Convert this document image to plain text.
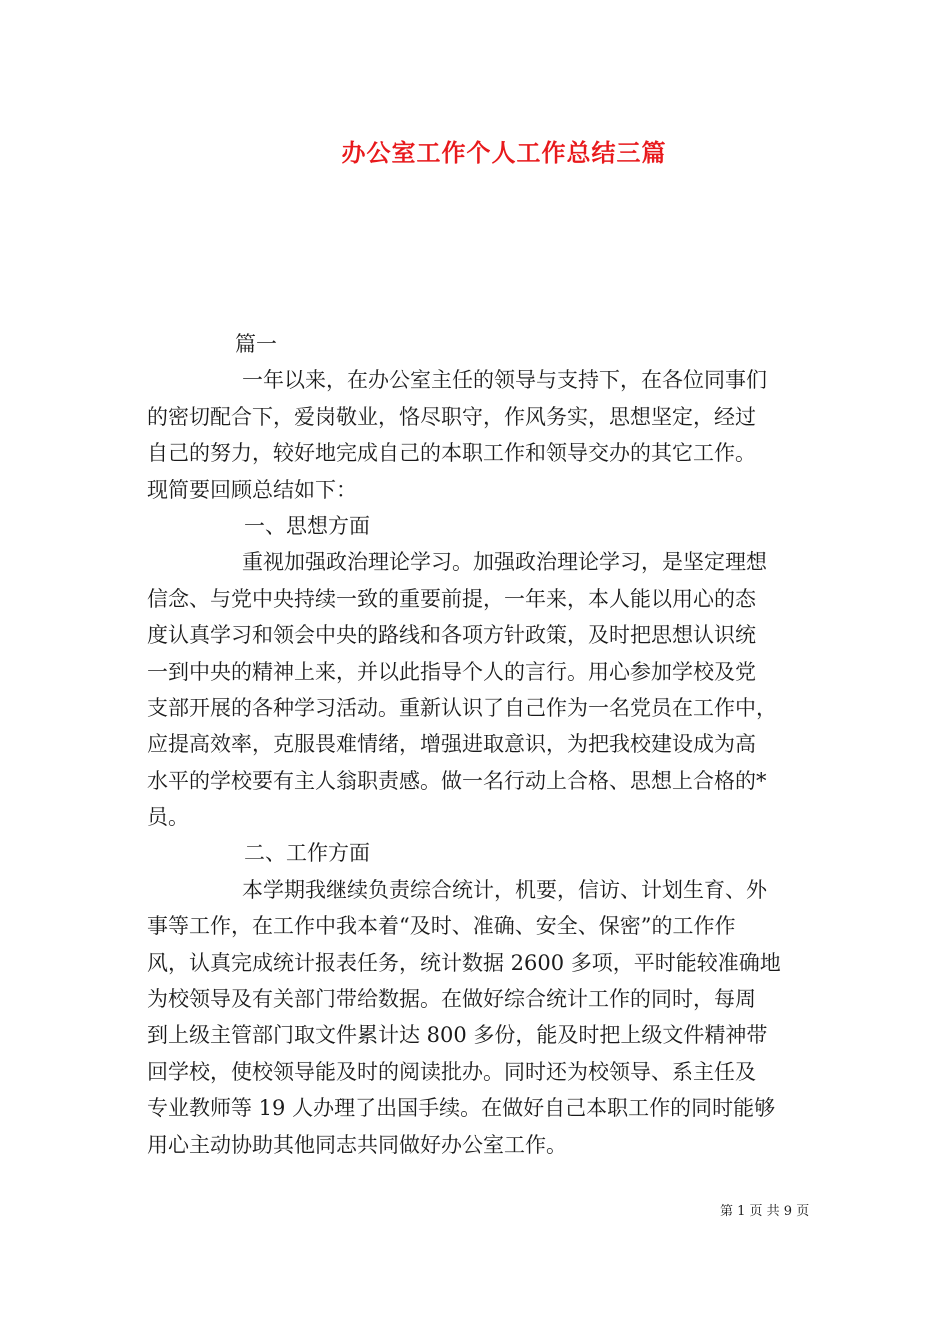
办公室工作个人工作总结三篇

篇一

一年以来，在办公室主任的领导与支持下，在各位同事们

的密切配合下，爱岗敬业，恪尽职守，作风务实，思想坚定，经过

自己的努力，较好地完成自己的本职工作和领导交办的其它工作。

现简要回顾总结如下：

一、思想方面

重视加强政治理论学习。加强政治理论学习，是坚定理想

信念、与党中央持续一致的重要前提，一年来，本人能以用心的态

度认真学习和领会中央的路线和各项方针政策，及时把思想认识统

一到中央的精神上来，并以此指导个人的言行。用心参加学校及党

支部开展的各种学习活动。重新认识了自己作为一名党员在工作中，

应提高效率，克服畏难情绪，增强进取意识，为把我校建设成为高

水平的学校要有主人翁职责感。做一名行动上合格、思想上合格的*

员。

二、工作方面

本学期我继续负责综合统计，机要，信访、计划生育、外

事等工作，在工作中我本着“及时、准确、安全、保密”的工作作

风，认真完成统计报表任务，统计数据 2600 多项，平时能较准确地

为校领导及有关部门带给数据。在做好综合统计工作的同时，每周

到上级主管部门取文件累计达 800 多份，能及时把上级文件精神带

回学校，使校领导能及时的阅读批办。同时还为校领导、系主任及

专业教师等 19 人办理了出国手续。在做好自己本职工作的同时能够

用心主动协助其他同志共同做好办公室工作。

第 1 页 共 9 页
